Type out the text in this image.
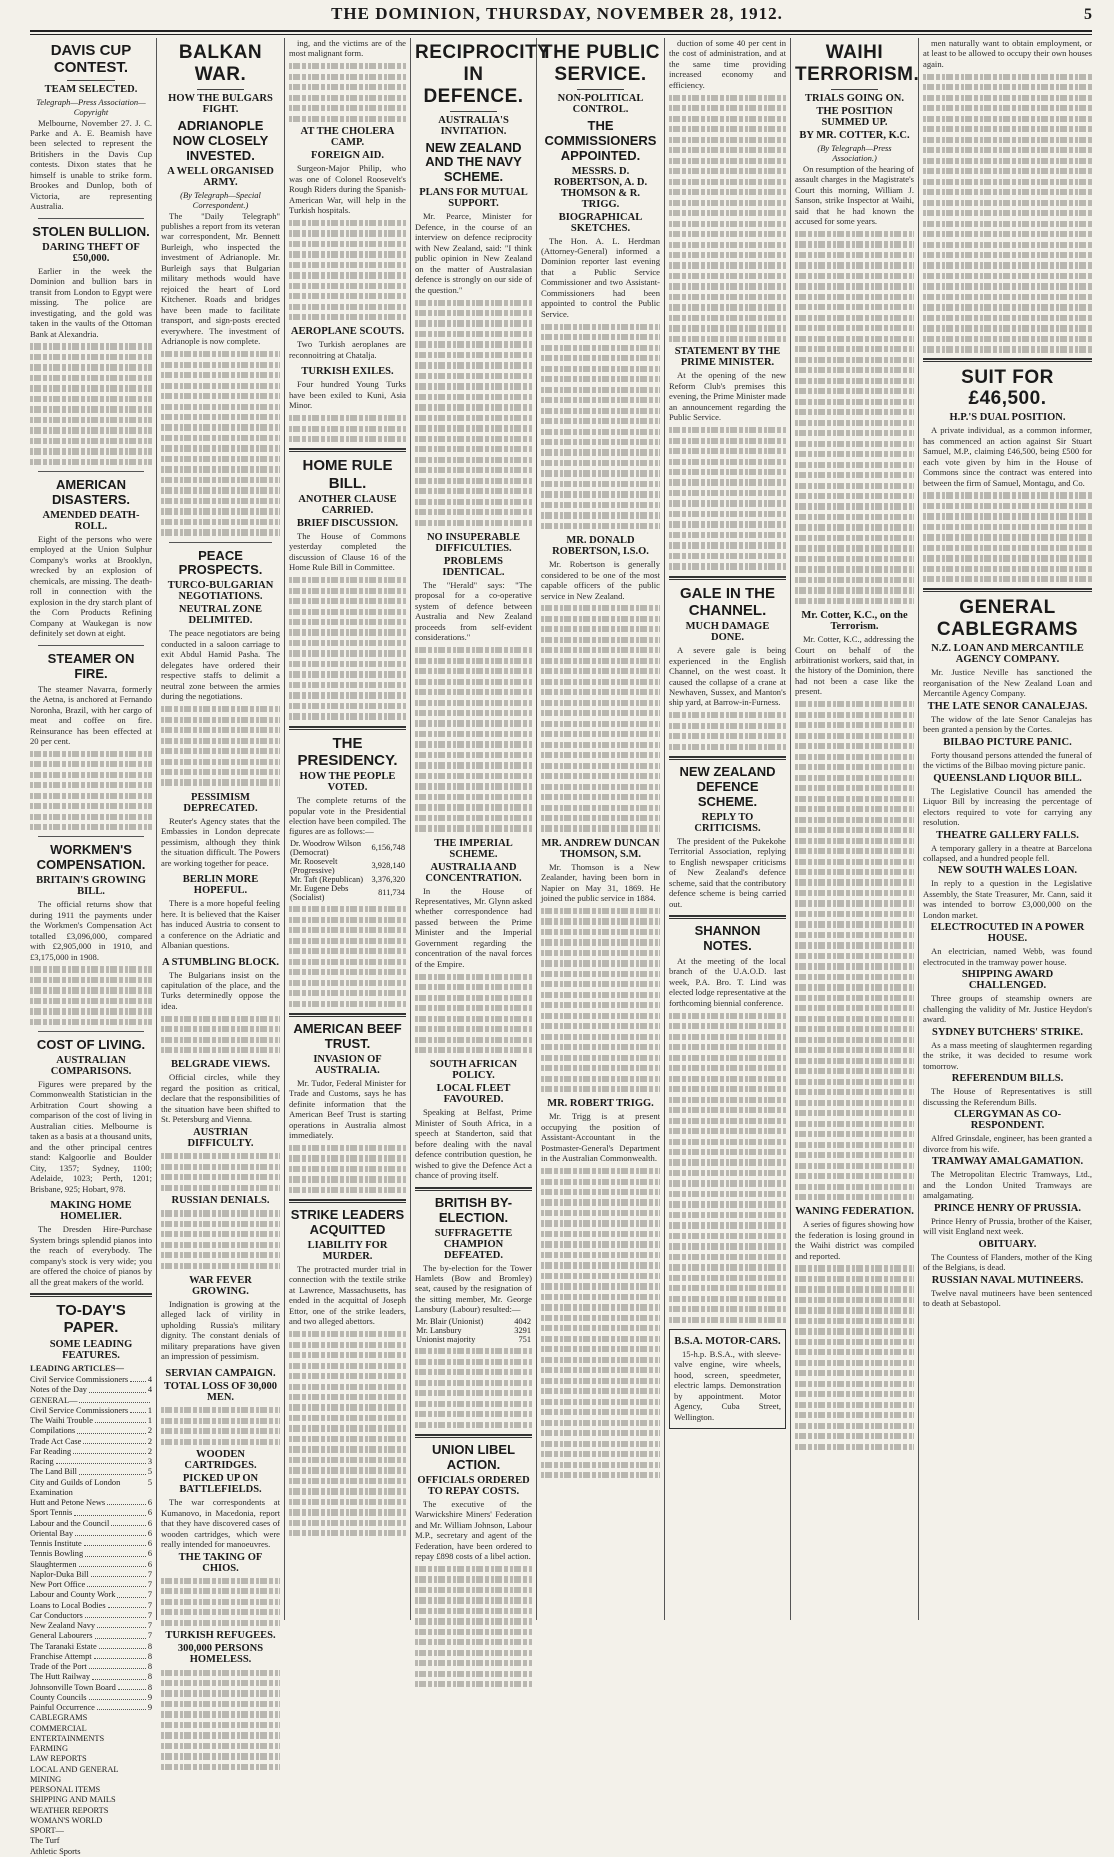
THE DOMINION, THURSDAY, NOVEMBER 28, 1912.	5
DAVIS CUP CONTEST.
TEAM SELECTED.
Telegraph—Press Association—Copyright
Melbourne, November 27. J. C. Parke and A. E. Beamish have been selected to represent the Britishers in the Davis Cup contests. Dixon states that he himself is unable to strike form. Brookes and Dunlop, both of Victoria, are representing Australia.
STOLEN BULLION.
DARING THEFT OF £50,000.
Earlier in the week the Dominion and bullion bars in transit from London to Egypt were missing. The police are investigating, and the gold was taken in the vaults of the Ottoman Bank at Alexandria.
AMERICAN DISASTERS.
AMENDED DEATH-ROLL.
Eight of the persons who were employed at the Union Sulphur Company's works at Brooklyn, wrecked by an explosion of chemicals, are missing. The death-roll in connection with the explosion in the dry starch plant of the Corn Products Refining Company at Waukegan is now definitely set down at eight.
STEAMER ON FIRE.
The steamer Navarra, formerly the Aetna, is anchored at Fernando Noronha, Brazil, with her cargo of meat and coffee on fire. Reinsurance has been effected at 20 per cent.
WORKMEN'S COMPENSATION.
BRITAIN'S GROWING BILL.
The official returns show that during 1911 the payments under the Workmen's Compensation Act totalled £3,096,000, compared with £2,905,000 in 1910, and £3,175,000 in 1908.
COST OF LIVING.
AUSTRALIAN COMPARISONS.
Figures were prepared by the Commonwealth Statistician in the Arbitration Court showing a comparison of the cost of living in Australian cities. Melbourne is taken as a basis at a thousand units, and the other principal centres stand: Kalgoorlie and Boulder City, 1357; Sydney, 1100; Adelaide, 1023; Perth, 1201; Brisbane, 925; Hobart, 978.
MAKING HOME HOMELIER.
The Dresden Hire-Purchase System brings splendid pianos into the reach of everybody. The company's stock is very wide; you are offered the choice of pianos by all the great makers of the world.
TO-DAY'S PAPER.
SOME LEADING FEATURES.
LEADING ARTICLES—
Civil Service Commissioners 4
Notes of the Day	4
GENERAL—
Civil Service Commissioners 1
The Waihi Trouble	1
Compilations	2
Trade Act Case	2
Far Reading	2
Racing	3
The Land Bill	5
City and Guilds of London Examination
5
Hutt and Petone News	6
Sport Tennis	6
Labour and the Council	6
Oriental Bay	6
Tennis Institute	6
Tennis Bowling	6
Slaughtermen	6
Naplor-Duka Bill	7
New Port Office	7
Labour and County Work	7
Loans to Local Bodies	7
Car Conductors	7
New Zealand Navy	7
General Labourers	7
The Taranaki Estate	8
Franchise Attempt	8
Trade of the Port	8
The Hutt Railway	8
Johnsonville Town Board	8
County Councils	9
Painful Occurrence	9
CABLEGRAMS
COMMERCIAL
ENTERTAINMENTS
FARMING
LAW REPORTS
LOCAL AND GENERAL
MINING
PERSONAL ITEMS
SHIPPING AND MAILS
WEATHER REPORTS
WOMAN'S WORLD
SPORT—
The Turf
Athletic Sports
BALKAN WAR.
HOW THE BULGARS FIGHT.
ADRIANOPLE NOW CLOSELY INVESTED.
A WELL ORGANISED ARMY.
(By Telegraph—Special Correspondent.)
The "Daily Telegraph" publishes a report from its veteran war correspondent, Mr. Bennett Burleigh, who inspected the investment of Adrianople. Mr. Burleigh says that Bulgarian military methods would have rejoiced the heart of Lord Kitchener. Roads and bridges have been made to facilitate transport, and sign-posts erected everywhere. The investment of Adrianople is now complete.
PEACE PROSPECTS.
TURCO-BULGARIAN NEGOTIATIONS.
NEUTRAL ZONE DELIMITED.
The peace negotiators are being conducted in a saloon carriage to exit Abdul Hamid Pasha. The delegates have ordered their respective staffs to delimit a neutral zone between the armies during the negotiations.
PESSIMISM DEPRECATED.
Reuter's Agency states that the Embassies in London deprecate pessimism, although they think the situation difficult. The Powers are working together for peace.
BERLIN MORE HOPEFUL.
There is a more hopeful feeling here. It is believed that the Kaiser has induced Austria to consent to a conference on the Adriatic and Albanian questions.
A STUMBLING BLOCK.
The Bulgarians insist on the capitulation of the place, and the Turks determinedly oppose the idea.
BELGRADE VIEWS.
Official circles, while they regard the position as critical, declare that the responsibilities of the situation have been shifted to St. Petersburg and Vienna.
AUSTRIAN DIFFICULTY.
RUSSIAN DENIALS.
WAR FEVER GROWING.
Indignation is growing at the alleged lack of virility in upholding Russia's military dignity. The constant denials of military preparations have given an impression of pessimism.
SERVIAN CAMPAIGN.
TOTAL LOSS OF 30,000 MEN.
WOODEN CARTRIDGES.
PICKED UP ON BATTLEFIELDS.
The war correspondents at Kumanovo, in Macedonia, report that they have discovered cases of wooden cartridges, which were really intended for manoeuvres.
THE TAKING OF CHIOS.
TURKISH REFUGEES.
300,000 PERSONS HOMELESS.
ing, and the victims are of the most malignant form.
AT THE CHOLERA CAMP.
FOREIGN AID.
Surgeon-Major Philip, who was one of Colonel Roosevelt's Rough Riders during the Spanish-American War, will help in the Turkish hospitals.
AEROPLANE SCOUTS.
Two Turkish aeroplanes are reconnoitring at Chatalja.
TURKISH EXILES.
Four hundred Young Turks have been exiled to Kuni, Asia Minor.
HOME RULE BILL.
ANOTHER CLAUSE CARRIED.
BRIEF DISCUSSION.
The House of Commons yesterday completed the discussion of Clause 16 of the Home Rule Bill in Committee.
THE PRESIDENCY.
HOW THE PEOPLE VOTED.
The complete returns of the popular vote in the Presidential election have been compiled. The figures are as follows:—
Dr. Woodrow Wilson (Democrat)	6,156,748
Mr. Roosevelt (Progressive)	3,928,140
Mr. Taft (Republican)	3,376,320
Mr. Eugene Debs (Socialist)	811,734
AMERICAN BEEF TRUST.
INVASION OF AUSTRALIA.
Mr. Tudor, Federal Minister for Trade and Customs, says he has definite information that the American Beef Trust is starting operations in Australia almost immediately.
STRIKE LEADERS ACQUITTED
LIABILITY FOR MURDER.
The protracted murder trial in connection with the textile strike at Lawrence, Massachusetts, has ended in the acquittal of Joseph Ettor, one of the strike leaders, and two alleged abettors.
RECIPROCITY IN DEFENCE.
AUSTRALIA'S INVITATION.
NEW ZEALAND AND THE NAVY SCHEME.
PLANS FOR MUTUAL SUPPORT.
Mr. Pearce, Minister for Defence, in the course of an interview on defence reciprocity with New Zealand, said: "I think public opinion in New Zealand on the matter of Australasian defence is strongly on our side of the question."
NO INSUPERABLE DIFFICULTIES.
PROBLEMS IDENTICAL.
The "Herald" says: "The proposal for a co-operative system of defence between Australia and New Zealand proceeds from self-evident considerations."
THE IMPERIAL SCHEME.
AUSTRALIA AND CONCENTRATION.
In the House of Representatives, Mr. Glynn asked whether correspondence had passed between the Prime Minister and the Imperial Government regarding the concentration of the naval forces of the Empire.
SOUTH AFRICAN POLICY.
LOCAL FLEET FAVOURED.
Speaking at Belfast, Prime Minister of South Africa, in a speech at Standerton, said that before dealing with the naval defence contribution question, he wished to give the Defence Act a chance of proving itself.
BRITISH BY-ELECTION.
SUFFRAGETTE CHAMPION DEFEATED.
The by-election for the Tower Hamlets (Bow and Bromley) seat, caused by the resignation of the sitting member, Mr. George Lansbury (Labour) resulted:—
Mr. Blair (Unionist)	4042
Mr. Lansbury	3291
Unionist majority	751
UNION LIBEL ACTION.
OFFICIALS ORDERED TO REPAY COSTS.
The executive of the Warwickshire Miners' Federation and Mr. William Johnson, Labour M.P., secretary and agent of the Federation, have been ordered to repay £898 costs of a libel action.
THE PUBLIC SERVICE.
NON-POLITICAL CONTROL.
THE COMMISSIONERS APPOINTED.
MESSRS. D. ROBERTSON, A. D. THOMSON & R. TRIGG.
BIOGRAPHICAL SKETCHES.
The Hon. A. L. Herdman (Attorney-General) informed a Dominion reporter last evening that a Public Service Commissioner and two Assistant-Commissioners had been appointed to control the Public Service.
MR. DONALD ROBERTSON, I.S.O.
Mr. Robertson is generally considered to be one of the most capable officers of the public service in New Zealand.
MR. ANDREW DUNCAN THOMSON, S.M.
Mr. Thomson is a New Zealander, having been born in Napier on May 31, 1869. He joined the public service in 1884.
MR. ROBERT TRIGG.
Mr. Trigg is at present occupying the position of Assistant-Accountant in the Postmaster-General's Department in the Australian Commonwealth.
duction of some 40 per cent in the cost of administration, and at the same time providing increased economy and efficiency.
STATEMENT BY THE PRIME MINISTER.
At the opening of the new Reform Club's premises this evening, the Prime Minister made an announcement regarding the Public Service.
GALE IN THE CHANNEL.
MUCH DAMAGE DONE.
A severe gale is being experienced in the English Channel, on the west coast. It caused the collapse of a crane at Newhaven, Sussex, and Manton's ship yard, at Barrow-in-Furness.
NEW ZEALAND DEFENCE SCHEME.
REPLY TO CRITICISMS.
The president of the Pukekohe Territorial Association, replying to English newspaper criticisms of New Zealand's defence scheme, said that the contributory defence scheme is being carried out.
SHANNON NOTES.
At the meeting of the local branch of the U.A.O.D. last week, P.A. Bro. T. Lind was elected lodge representative at the forthcoming biennial conference.
B.S.A. MOTOR-CARS.
15-h.p. B.S.A., with sleeve-valve engine, wire wheels, hood, screen, speedmeter, electric lamps. Demonstration by appointment. Motor Agency, Cuba Street, Wellington.
WAIHI TERRORISM.
TRIALS GOING ON.
THE POSITION SUMMED UP.
BY MR. COTTER, K.C.
(By Telegraph—Press Association.)
On resumption of the hearing of assault charges in the Magistrate's Court this morning, William J. Sanson, strike Inspector at Waihi, said that he had known the accused for some years.
Mr. Cotter, K.C., on the Terrorism.
Mr. Cotter, K.C., addressing the Court on behalf of the arbitrationist workers, said that, in the history of the Dominion, there had not been a case like the present.
WANING FEDERATION.
A series of figures showing how the federation is losing ground in the Waihi district was compiled and reported.
men naturally want to obtain employment, or at least to be allowed to occupy their own houses again.
SUIT FOR £46,500.
H.P.'S DUAL POSITION.
A private individual, as a common informer, has commenced an action against Sir Stuart Samuel, M.P., claiming £46,500, being £500 for each vote given by him in the House of Commons since the contract was entered into between the firm of Samuel, Montagu, and Co.
GENERAL CABLEGRAMS
N.Z. LOAN AND MERCANTILE AGENCY COMPANY.
Mr. Justice Neville has sanctioned the reorganisation of the New Zealand Loan and Mercantile Agency Company.
THE LATE SENOR CANALEJAS.
The widow of the late Senor Canalejas has been granted a pension by the Cortes.
BILBAO PICTURE PANIC.
Forty thousand persons attended the funeral of the victims of the Bilbao moving picture panic.
QUEENSLAND LIQUOR BILL.
The Legislative Council has amended the Liquor Bill by increasing the percentage of electors required to vote for carrying any resolution.
THEATRE GALLERY FALLS.
A temporary gallery in a theatre at Barcelona collapsed, and a hundred people fell.
NEW SOUTH WALES LOAN.
In reply to a question in the Legislative Assembly, the State Treasurer, Mr. Cann, said it was intended to borrow £3,000,000 on the London market.
ELECTROCUTED IN A POWER HOUSE.
An electrician, named Webb, was found electrocuted in the tramway power house.
SHIPPING AWARD CHALLENGED.
Three groups of steamship owners are challenging the validity of Mr. Justice Heydon's award.
SYDNEY BUTCHERS' STRIKE.
As a mass meeting of slaughtermen regarding the strike, it was decided to resume work tomorrow.
REFERENDUM BILLS.
The House of Representatives is still discussing the Referendum Bills.
CLERGYMAN AS CO-RESPONDENT.
Alfred Grinsdale, engineer, has been granted a divorce from his wife.
TRAMWAY AMALGAMATION.
The Metropolitan Electric Tramways, Ltd., and the London United Tramways are amalgamating.
PRINCE HENRY OF PRUSSIA.
Prince Henry of Prussia, brother of the Kaiser, will visit England next week.
OBITUARY.
The Countess of Flanders, mother of the King of the Belgians, is dead.
RUSSIAN NAVAL MUTINEERS.
Twelve naval mutineers have been sentenced to death at Sebastopol.
